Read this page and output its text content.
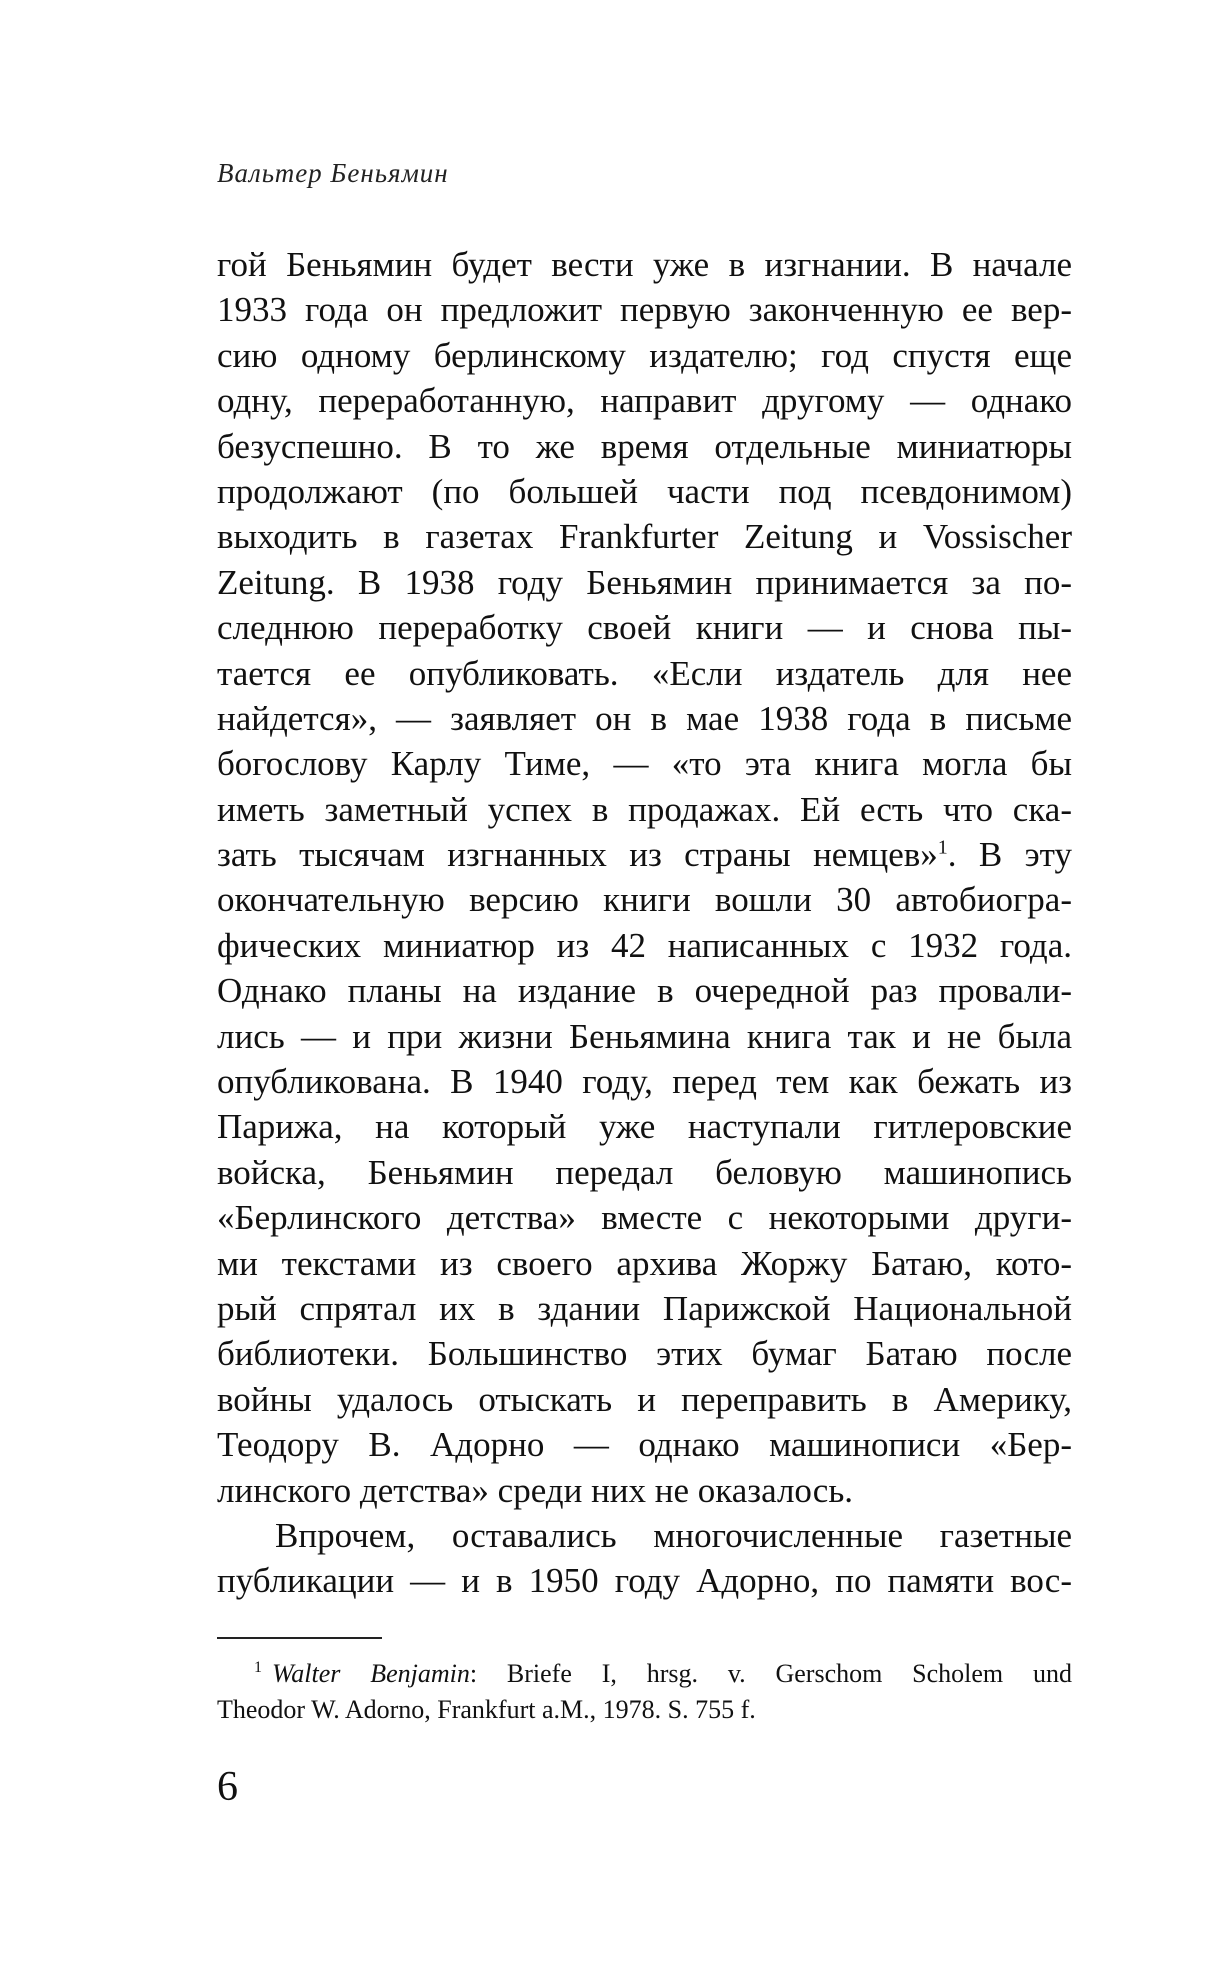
Вальтер Беньямин
гой Беньямин будет вести уже в изгнании. В начале
1933 года он предложит первую законченную ее вер-
сию одному берлинскому издателю; год спустя еще
одну, переработанную, направит другому — однако
безуспешно. В то же время отдельные миниатюры
продолжают (по большей части под псевдонимом)
выходить в газетах Frankfurter Zeitung и Vossischer
Zeitung. В 1938 году Беньямин принимается за по-
следнюю переработку своей книги — и снова пы-
тается ее опубликовать. «Если издатель для нее
найдется», — заявляет он в мае 1938 года в письме
богослову Карлу Тиме, — «то эта книга могла бы
иметь заметный успех в продажах. Ей есть что ска-
зать тысячам изгнанных из страны немцев»$^1$. В эту
окончательную версию книги вошли 30 автобиогра-
фических миниатюр из 42 написанных с 1932 года.
Однако планы на издание в очередной раз провали-
лись — и при жизни Беньямина книга так и не была
опубликована. В 1940 году, перед тем как бежать из
Парижа, на который уже наступали гитлеровские
войска, Беньямин передал беловую машинопись
«Берлинского детства» вместе с некоторыми други-
ми текстами из своего архива Жоржу Батаю, кото-
рый спрятал их в здании Парижской Национальной
библиотеки. Большинство этих бумаг Батаю после
войны удалось отыскать и переправить в Америку,
Теодору В. Адорно — однако машинописи «Бер-
линского детства» среди них не оказалось.
Впрочем, оставались многочисленные газетные
публикации — и в 1950 году Адорно, по памяти вос-
$^1$ Walter Benjamin: Briefe I, hrsg. v. Gerschom Scholem und
Theodor W. Adorno, Frankfurt a.M., 1978. S. 755 f.
6
